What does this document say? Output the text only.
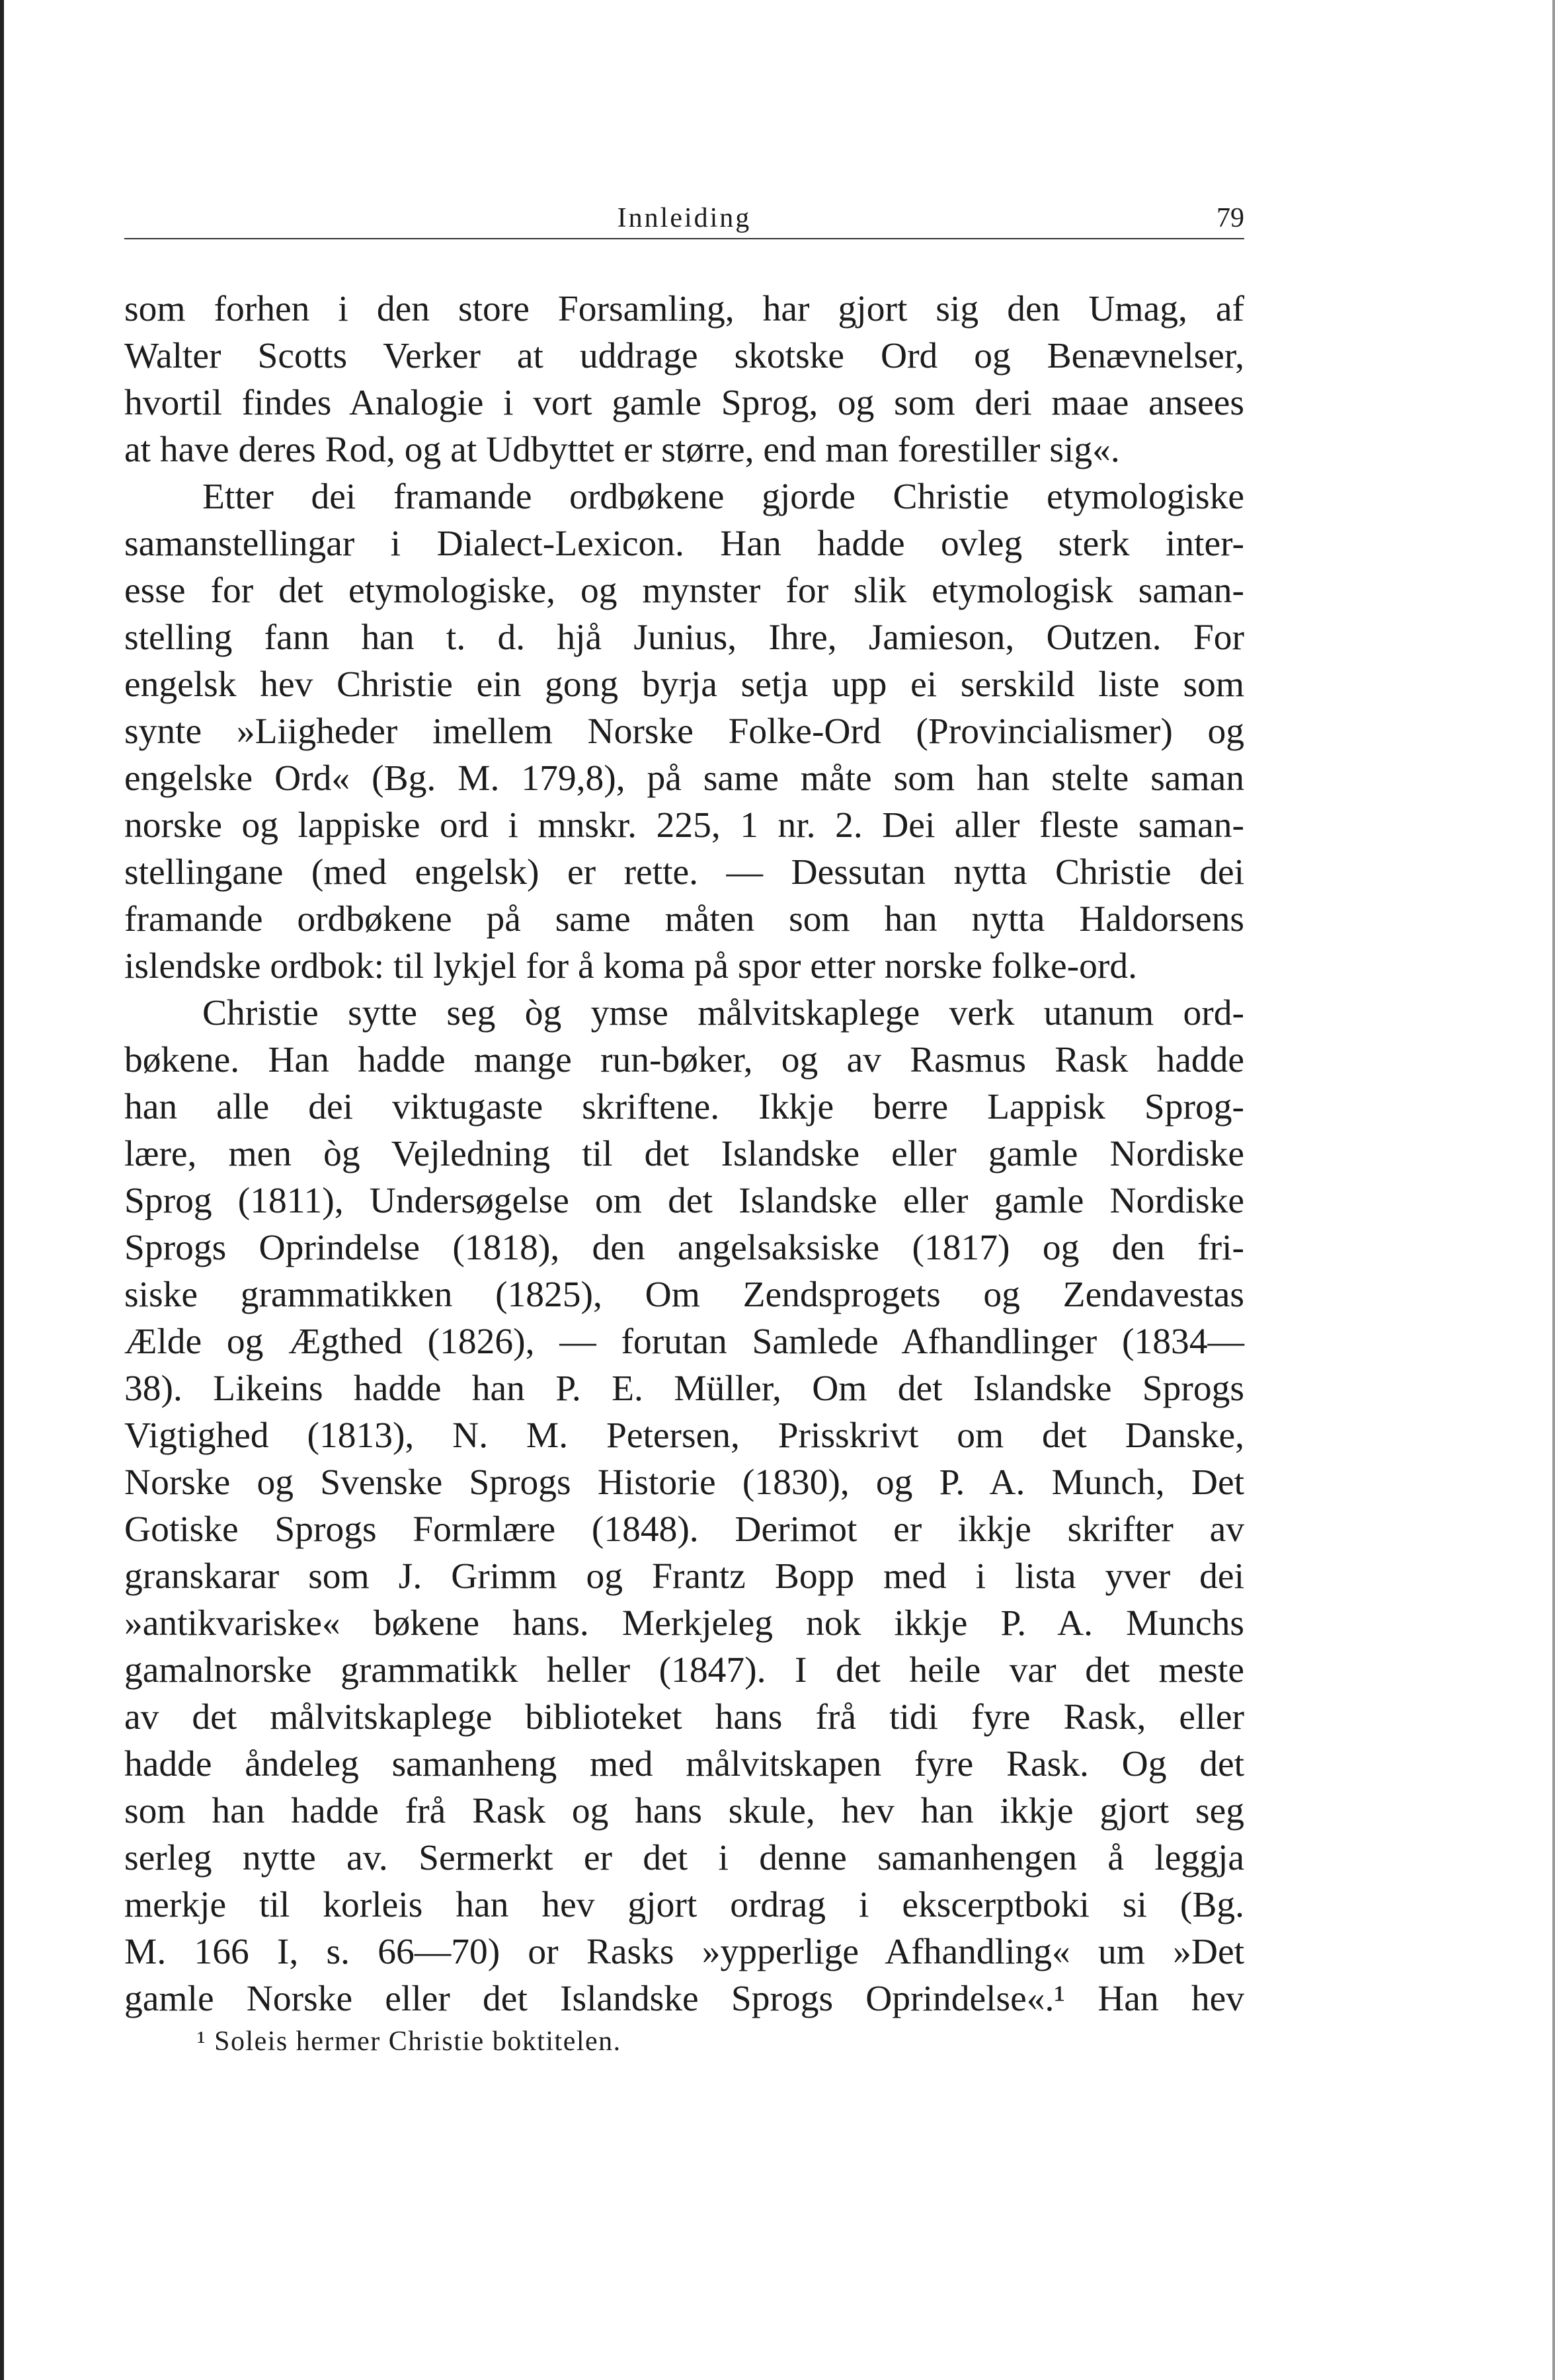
Innleiding	79
som forhen i den store Forsamling, har gjort sig den Umag, af
Walter Scotts Verker at uddrage skotske Ord og Benævnelser,
hvortil findes Analogie i vort gamle Sprog, og som deri maae ansees
at have deres Rod, og at Udbyttet er større, end man forestiller sig«.
Etter dei framande ordbøkene gjorde Christie etymologiske
samanstellingar i Dialect-Lexicon. Han hadde ovleg sterk inter-
esse for det etymologiske, og mynster for slik etymologisk saman-
stelling fann han t. d. hjå Junius, Ihre, Jamieson, Outzen. For
engelsk hev Christie ein gong byrja setja upp ei serskild liste som
synte »Liigheder imellem Norske Folke-Ord (Provincialismer) og
engelske Ord« (Bg. M. 179,8), på same måte som han stelte saman
norske og lappiske ord i mnskr. 225, 1 nr. 2. Dei aller fleste saman-
stellingane (med engelsk) er rette. — Dessutan nytta Christie dei
framande ordbøkene på same måten som han nytta Haldorsens
islendske ordbok: til lykjel for å koma på spor etter norske folke-ord.
Christie sytte seg òg ymse målvitskaplege verk utanum ord-
bøkene. Han hadde mange run-bøker, og av Rasmus Rask hadde
han alle dei viktugaste skriftene. Ikkje berre Lappisk Sprog-
lære, men òg Vejledning til det Islandske eller gamle Nordiske
Sprog (1811), Undersøgelse om det Islandske eller gamle Nordiske
Sprogs Oprindelse (1818), den angelsaksiske (1817) og den fri-
siske grammatikken (1825), Om Zendsprogets og Zendavestas
Ælde og Ægthed (1826), — forutan Samlede Afhandlinger (1834—
38). Likeins hadde han P. E. Müller, Om det Islandske Sprogs
Vigtighed (1813), N. M. Petersen, Prisskrivt om det Danske,
Norske og Svenske Sprogs Historie (1830), og P. A. Munch, Det
Gotiske Sprogs Formlære (1848). Derimot er ikkje skrifter av
granskarar som J. Grimm og Frantz Bopp med i lista yver dei
»antikvariske« bøkene hans. Merkjeleg nok ikkje P. A. Munchs
gamalnorske grammatikk heller (1847). I det heile var det meste
av det målvitskaplege biblioteket hans frå tidi fyre Rask, eller
hadde åndeleg samanheng med målvitskapen fyre Rask. Og det
som han hadde frå Rask og hans skule, hev han ikkje gjort seg
serleg nytte av. Sermerkt er det i denne samanhengen å leggja
merkje til korleis han hev gjort ordrag i ekscerptboki si (Bg.
M. 166 I, s. 66—70) or Rasks »ypperlige Afhandling« um »Det
gamle Norske eller det Islandske Sprogs Oprindelse«.¹ Han hev
¹ Soleis hermer Christie boktitelen.
